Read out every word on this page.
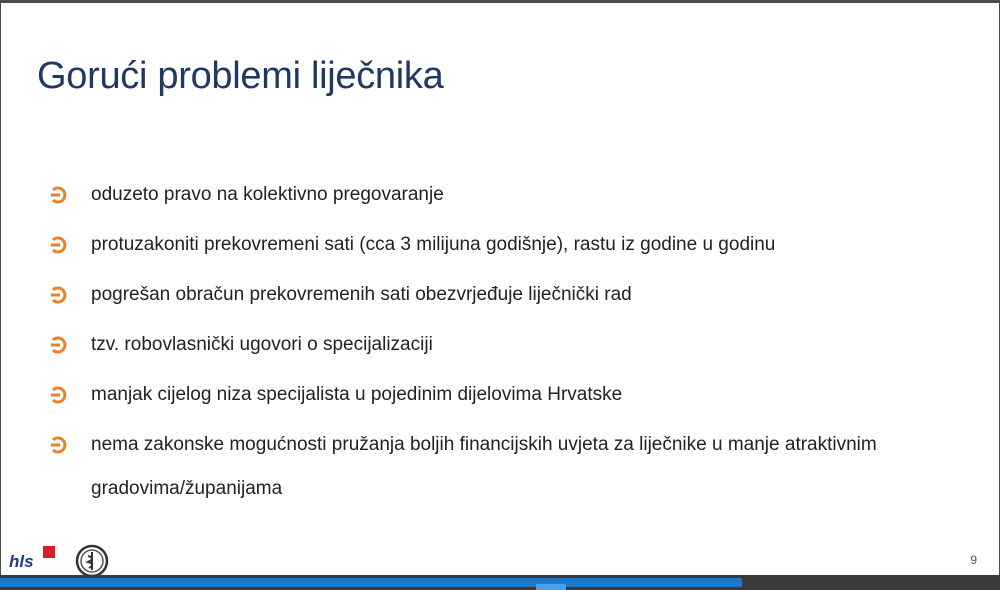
Gorući problemi liječnika
oduzeto pravo na kolektivno pregovaranje
protuzakoniti prekovremeni sati (cca 3 milijuna godišnje), rastu iz godine u godinu
pogrešan obračun prekovremenih sati obezvrjeđuje liječnički rad
tzv. robovlasnički ugovori o specijalizaciji
manjak cijelog niza specijalista u pojedinim dijelovima Hrvatske
nema zakonske mogućnosti pružanja boljih financijskih uvjeta za liječnike u manje atraktivnim gradovima/županijama
hls	9
